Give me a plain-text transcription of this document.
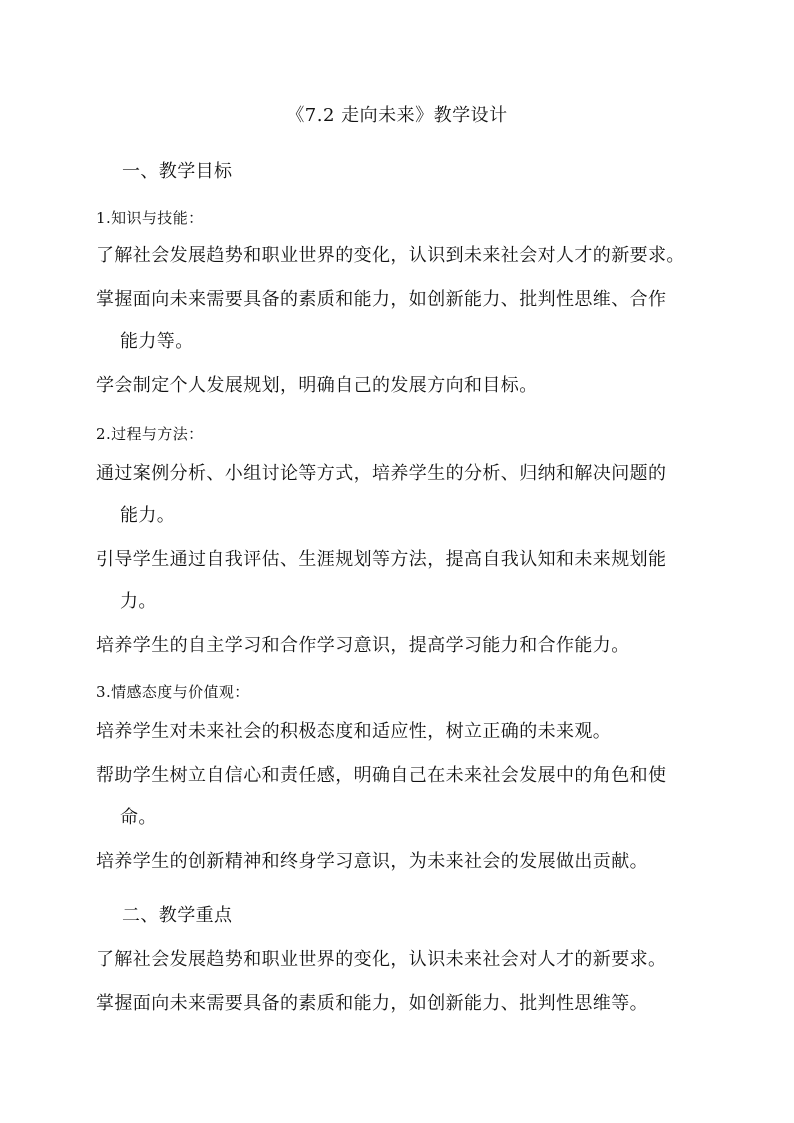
《7.2 走向未来》教学设计
一、教学目标
1.知识与技能：
了解社会发展趋势和职业世界的变化，认识到未来社会对人才的新要求。
掌握面向未来需要具备的素质和能力，如创新能力、批判性思维、合作
能力等。
学会制定个人发展规划，明确自己的发展方向和目标。
2.过程与方法：
通过案例分析、小组讨论等方式，培养学生的分析、归纳和解决问题的
能力。
引导学生通过自我评估、生涯规划等方法，提高自我认知和未来规划能
力。
培养学生的自主学习和合作学习意识，提高学习能力和合作能力。
3.情感态度与价值观：
培养学生对未来社会的积极态度和适应性，树立正确的未来观。
帮助学生树立自信心和责任感，明确自己在未来社会发展中的角色和使
命。
培养学生的创新精神和终身学习意识，为未来社会的发展做出贡献。
二、教学重点
了解社会发展趋势和职业世界的变化，认识未来社会对人才的新要求。
掌握面向未来需要具备的素质和能力，如创新能力、批判性思维等。
